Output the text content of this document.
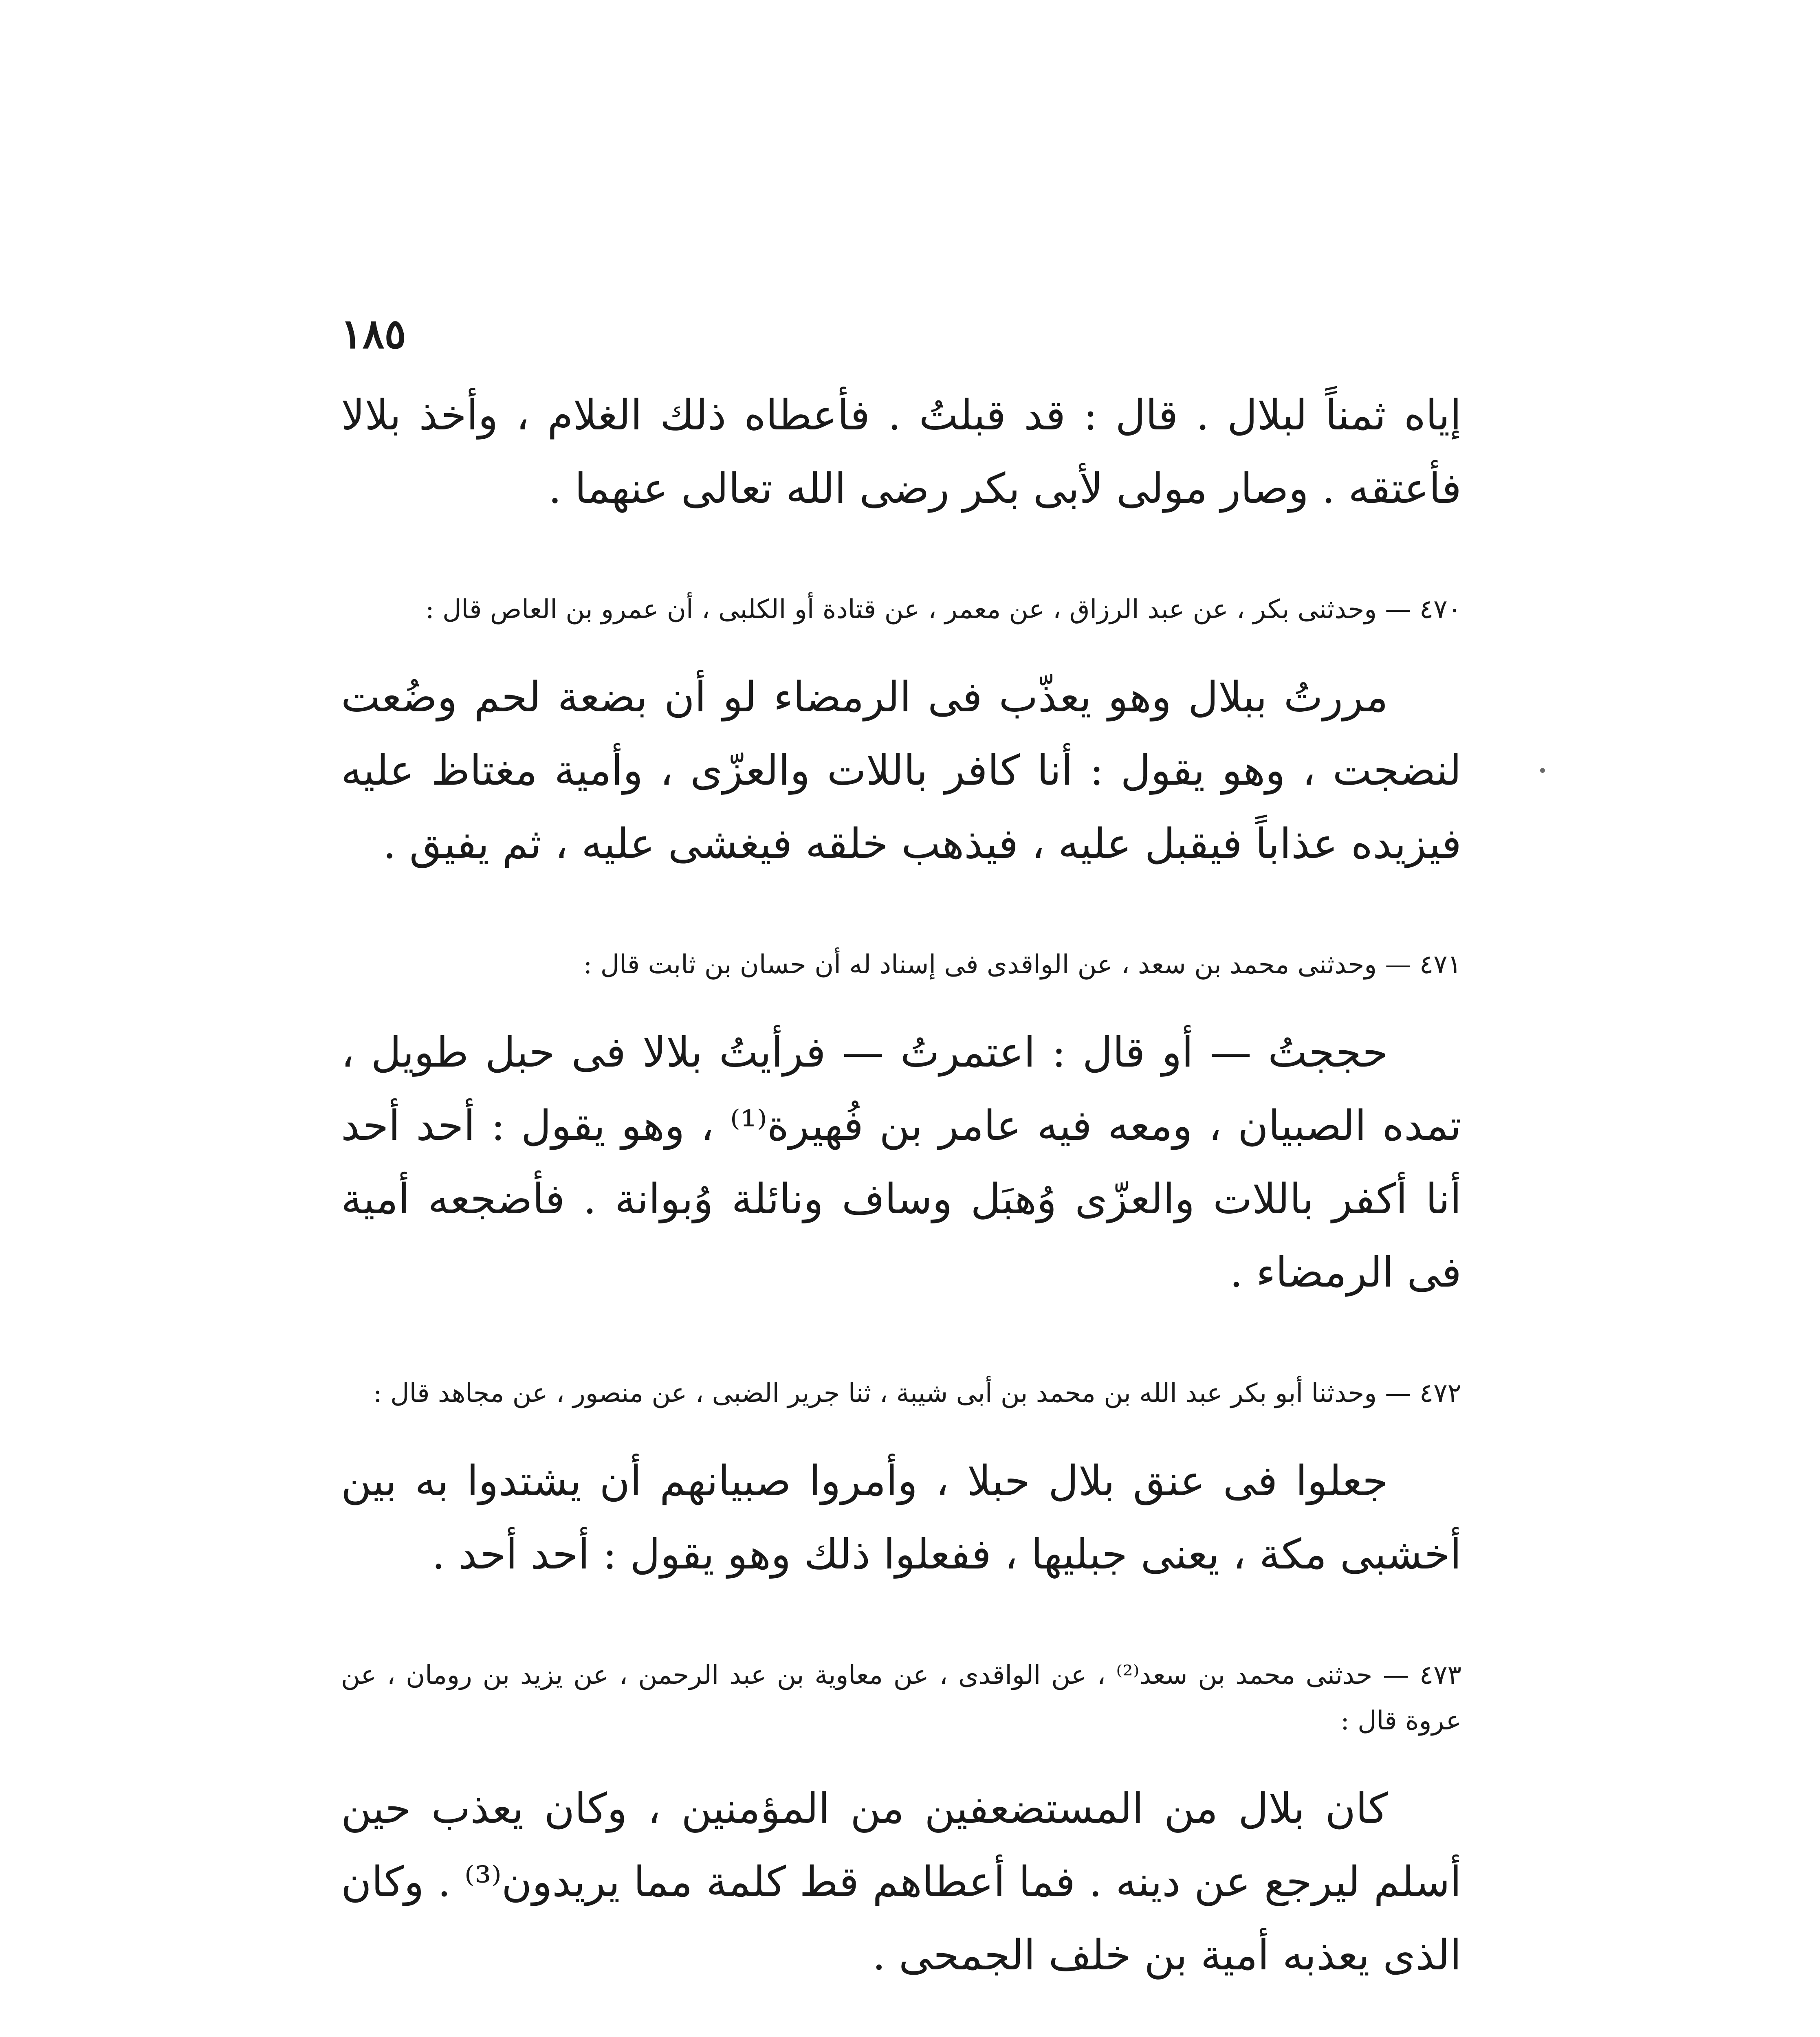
١٨٥

إياه ثمناً لبلال . قال : قد قبلتُ . فأعطاه ذلك الغلام ، وأخذ بلالا فأعتقه . وصار مولى لأبى بكر رضى الله تعالى عنهما .

٤٧٠ — وحدثنى بكر ، عن عبد الرزاق ، عن معمر ، عن قتادة أو الكلبى ، أن عمرو بن العاص قال :

مررتُ ببلال وهو يعذّب فى الرمضاء لو أن بضعة لحم وضُعت لنضجت ، وهو يقول : أنا كافر باللات والعزّى ، وأمية مغتاظ عليه فيزيده عذاباً فيقبل عليه ، فيذهب خلقه فيغشى عليه ، ثم يفيق .

٤٧١ — وحدثنى محمد بن سعد ، عن الواقدى فى إسناد له أن حسان بن ثابت قال :

حججتُ — أو قال : اعتمرتُ — فرأيتُ بلالا فى حبل طويل ، تمده الصبيان ، ومعه فيه عامر بن فُهيرة⁽¹⁾ ، وهو يقول : أحد أحد أنا أكفر باللات والعزّى وُهبَل وساف ونائلة وُبوانة . فأضجعه أمية فى الرمضاء .

٤٧٢ — وحدثنا أبو بكر عبد الله بن محمد بن أبى شيبة ، ثنا جرير الضبى ، عن منصور ، عن مجاهد قال :

جعلوا فى عنق بلال حبلا ، وأمروا صبيانهم أن يشتدوا به بين أخشبى مكة ، يعنى جبليها ، ففعلوا ذلك وهو يقول : أحد أحد .

٤٧٣ — حدثنى محمد بن سعد⁽²⁾ ، عن الواقدى ، عن معاوية بن عبد الرحمن ، عن يزيد بن رومان ، عن عروة قال :

كان بلال من المستضعفين من المؤمنين ، وكان يعذب حين أسلم ليرجع عن دينه . فما أعطاهم قط كلمة مما يريدون⁽³⁾ . وكان الذى يعذبه أمية بن خلف الجمحى .
